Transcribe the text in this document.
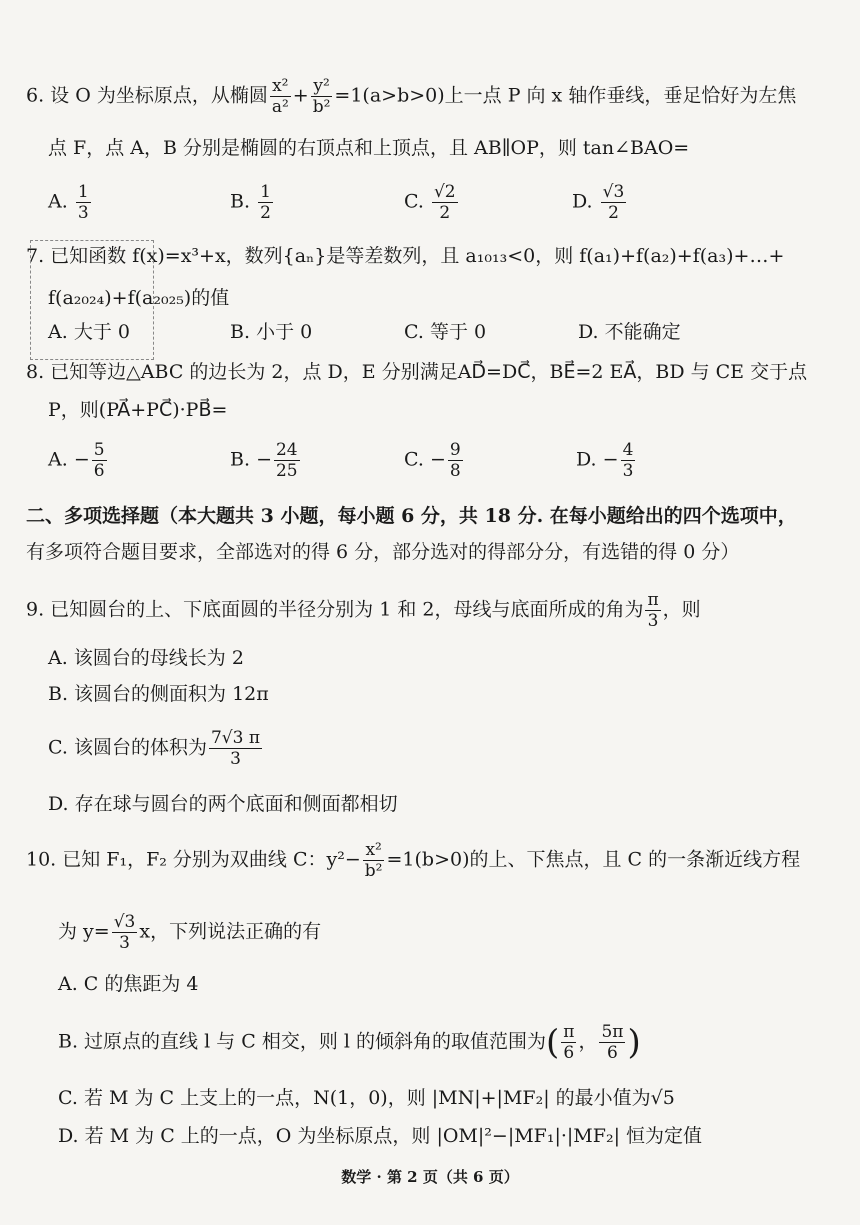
6. 设 O 为坐标原点，从椭圆 $\frac{\text{x²}}{\text{a²}} + \frac{\text{y²}}{\text{b²}} =1(a>b>0)$上一点 P 向 x 轴作垂线，垂足恰好为左焦
点 F，点 A，B 分别是椭圆的右顶点和上顶点，且 AB∥OP，则 tan∠BAO=
A. $\frac{1}{3}$	B. $\frac{1}{2}$	C. $\frac{√2}{2}$	D. $\frac{√3}{2}$
7. 已知函数 f(x)=x³+x，数列{aₙ}是等差数列，且 a₁₀₁₃<0，则 f(a₁)+f(a₂)+f(a₃)+…+
f(a₂₀₂₄)+f(a₂₀₂₅)的值
A. 大于 0	B. 小于 0	C. 等于 0	D. 不能确定
8. 已知等边△ABC 的边长为 2，点 D，E 分别满足AD⃗=DC⃗，BE⃗=2 EA⃗，BD 与 CE 交于点
P，则(PA⃗+PC⃗)·PB⃗=
A. − $\frac{5}{6}$	B. − $\frac{24}{25}$	C. − $\frac{9}{8}$	D. − $\frac{4}{3}$
二、多项选择题（本大题共 3 小题，每小题 6 分，共 18 分. 在每小题给出的四个选项中，
有多项符合题目要求，全部选对的得 6 分，部分选对的得部分分，有选错的得 0 分）
9. 已知圆台的上、下底面圆的半径分别为 1 和 2，母线与底面所成的角为 $\frac{\pi}{3}$ ，则
A. 该圆台的母线长为 2
B. 该圆台的侧面积为 12π
C. 该圆台的体积为 $\frac{7√3 \pi}{3}$
D. 存在球与圆台的两个底面和侧面都相切
10. 已知 F₁，F₂ 分别为双曲线 C：$y^2- \frac{\text{x²}}{\text{b²}} =1(b>0)$的上、下焦点，且 C 的一条渐近线方程
为 $y= \frac{√3}{3}$ x，下列说法正确的有
A. C 的焦距为 4
B. 过原点的直线 l 与 C 相交，则 l 的倾斜角的取值范围为( $\frac{\pi}{6}$ ， $\frac{5\pi}{6}$ )
C. 若 M 为 C 上支上的一点，N(1，0)，则 |MN|+|MF₂| 的最小值为√5
D. 若 M 为 C 上的一点，O 为坐标原点，则 |OM|²−|MF₁|·|MF₂| 恒为定值
数学 · 第 2 页（共 6 页）
